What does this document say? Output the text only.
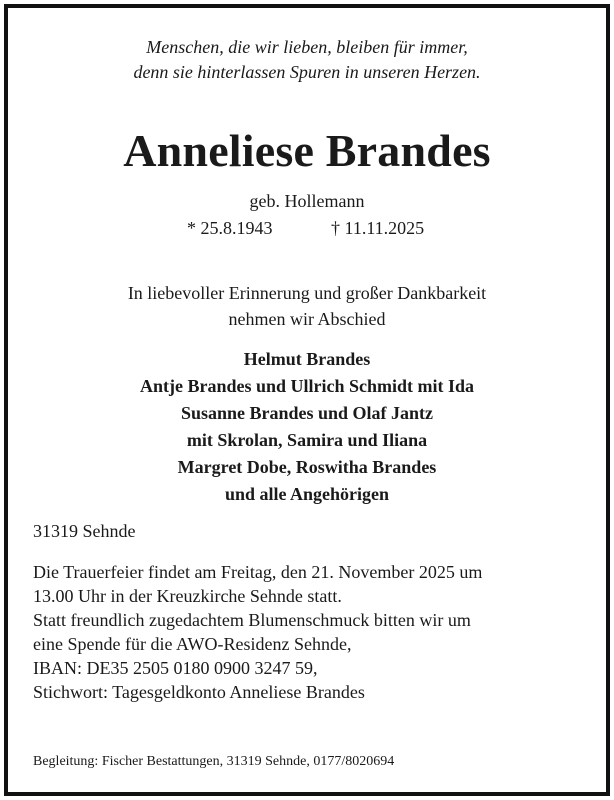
Menschen, die wir lieben, bleiben für immer,
denn sie hinterlassen Spuren in unseren Herzen.
Anneliese Brandes
geb. Hollemann
* 25.8.1943	† 11.11.2025
In liebevoller Erinnerung und großer Dankbarkeit
nehmen wir Abschied
Helmut Brandes
Antje Brandes und Ullrich Schmidt mit Ida
Susanne Brandes und Olaf Jantz
mit Skrolan, Samira und Iliana
Margret Dobe, Roswitha Brandes
und alle Angehörigen
31319 Sehnde
Die Trauerfeier findet am Freitag, den 21. November 2025 um
13.00 Uhr in der Kreuzkirche Sehnde statt.
Statt freundlich zugedachtem Blumenschmuck bitten wir um
eine Spende für die AWO-Residenz Sehnde,
IBAN: DE35 2505 0180 0900 3247 59,
Stichwort: Tagesgeldkonto Anneliese Brandes
Begleitung: Fischer Bestattungen, 31319 Sehnde, 0177/8020694
